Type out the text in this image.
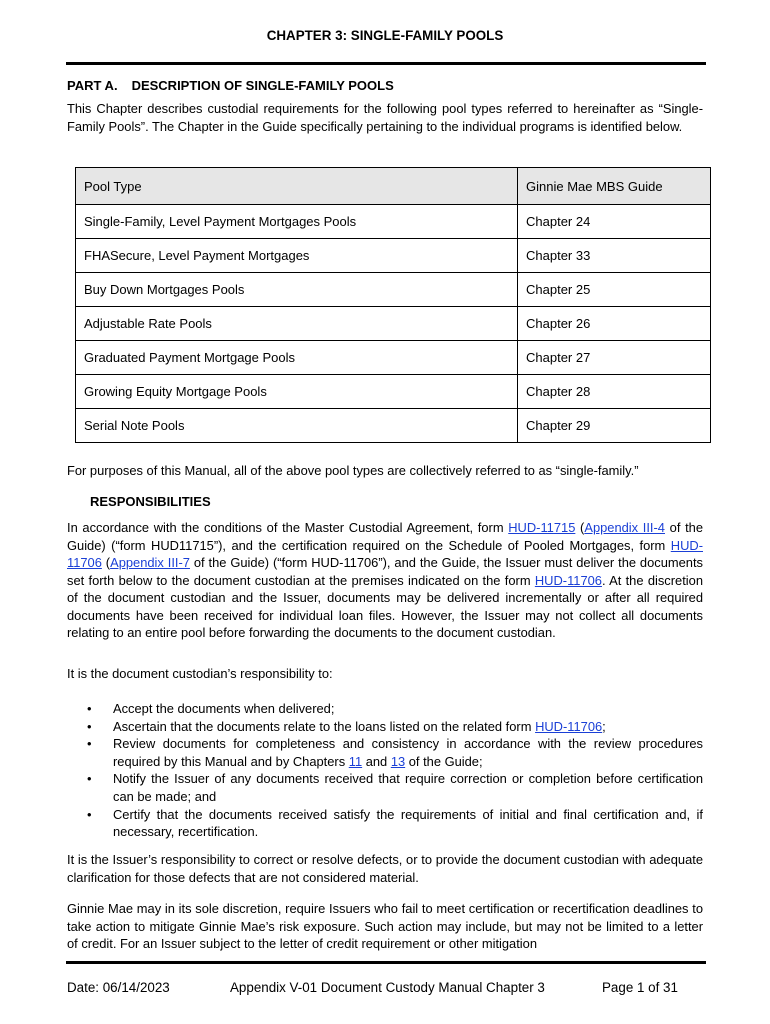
CHAPTER 3: SINGLE-FAMILY POOLS
PART A. DESCRIPTION OF SINGLE-FAMILY POOLS

This Chapter describes custodial requirements for the following pool types referred to hereinafter as “Single-Family Pools”. The Chapter in the Guide specifically pertaining to the individual programs is identified below.

Pool Type	Ginnie Mae MBS Guide
Single-Family, Level Payment Mortgages Pools	Chapter 24
FHASecure, Level Payment Mortgages	Chapter 33
Buy Down Mortgages Pools	Chapter 25
Adjustable Rate Pools	Chapter 26
Graduated Payment Mortgage Pools	Chapter 27
Growing Equity Mortgage Pools	Chapter 28
Serial Note Pools	Chapter 29

For purposes of this Manual, all of the above pool types are collectively referred to as “single-family.”

RESPONSIBILITIES

In accordance with the conditions of the Master Custodial Agreement, form HUD-11715 (Appendix III-4 of the Guide) (“form HUD11715”), and the certification required on the Schedule of Pooled Mortgages, form HUD-11706 (Appendix III-7 of the Guide) (“form HUD-11706”), and the Guide, the Issuer must deliver the documents set forth below to the document custodian at the premises indicated on the form HUD-11706. At the discretion of the document custodian and the Issuer, documents may be delivered incrementally or after all required documents have been received for individual loan files. However, the Issuer may not collect all documents relating to an entire pool before forwarding the documents to the document custodian.

It is the document custodian’s responsibility to:

• Accept the documents when delivered;
• Ascertain that the documents relate to the loans listed on the related form HUD-11706;
• Review documents for completeness and consistency in accordance with the review procedures required by this Manual and by Chapters 11 and 13 of the Guide;
• Notify the Issuer of any documents received that require correction or completion before certification can be made; and
• Certify that the documents received satisfy the requirements of initial and final certification and, if necessary, recertification.

It is the Issuer’s responsibility to correct or resolve defects, or to provide the document custodian with adequate clarification for those defects that are not considered material.

Ginnie Mae may in its sole discretion, require Issuers who fail to meet certification or recertification deadlines to take action to mitigate Ginnie Mae’s risk exposure. Such action may include, but may not be limited to a letter of credit. For an Issuer subject to the letter of credit requirement or other mitigation

Date: 06/14/2023	Appendix V-01 Document Custody Manual Chapter 3	Page 1 of 31
